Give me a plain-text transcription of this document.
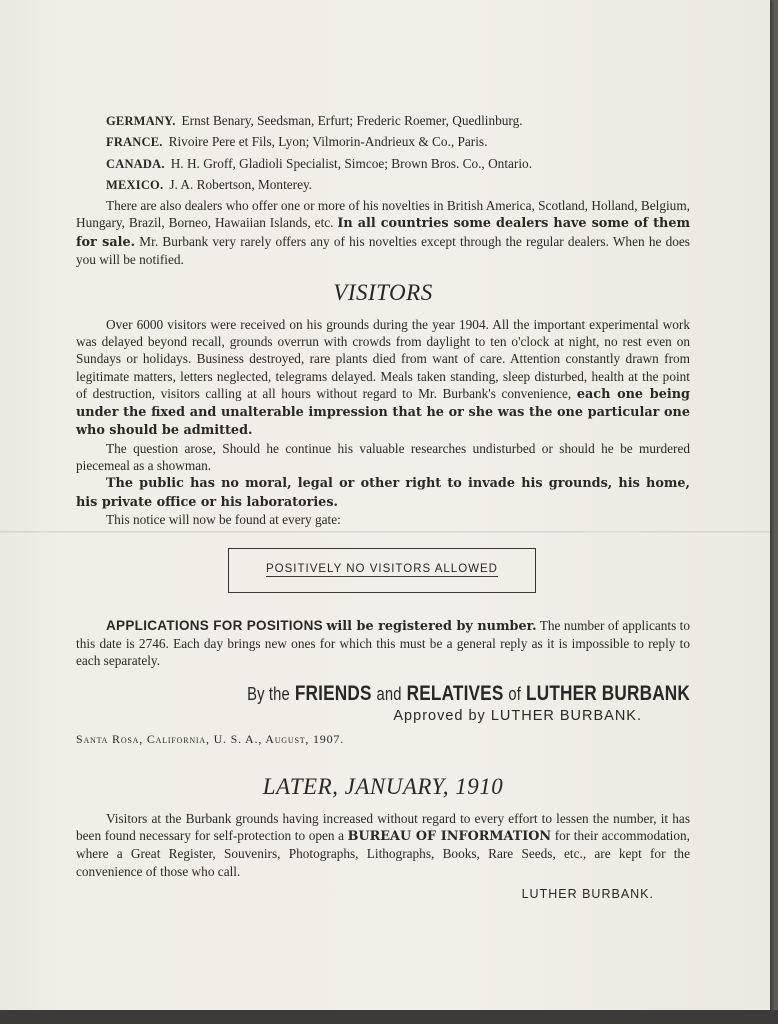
GERMANY. Ernst Benary, Seedsman, Erfurt; Frederic Roemer, Quedlinburg.
FRANCE. Rivoire Pere et Fils, Lyon; Vilmorin-Andrieux & Co., Paris.
CANADA. H. H. Groff, Gladioli Specialist, Simcoe; Brown Bros. Co., Ontario.
MEXICO. J. A. Robertson, Monterey.

There are also dealers who offer one or more of his novelties in British America, Scotland, Holland, Belgium, Hungary, Brazil, Borneo, Hawaiian Islands, etc. In all countries some dealers have some of them for sale. Mr. Burbank very rarely offers any of his novelties except through the regular dealers. When he does you will be notified.

VISITORS

Over 6000 visitors were received on his grounds during the year 1904. All the important experimental work was delayed beyond recall, grounds overrun with crowds from daylight to ten o'clock at night, no rest even on Sundays or holidays. Business destroyed, rare plants died from want of care. Attention constantly drawn from legitimate matters, letters neglected, telegrams delayed. Meals taken standing, sleep disturbed, health at the point of destruction, visitors calling at all hours without regard to Mr. Burbank's convenience, each one being under the fixed and unalterable impression that he or she was the one particular one who should be admitted.

The question arose, Should he continue his valuable researches undisturbed or should he be murdered piecemeal as a showman.

The public has no moral, legal or other right to invade his grounds, his home, his private office or his laboratories.

This notice will now be found at every gate:

POSITIVELY NO VISITORS ALLOWED

APPLICATIONS FOR POSITIONS will be registered by number. The number of applicants to this date is 2746. Each day brings new ones for which this must be a general reply as it is impossible to reply to each separately.

By the FRIENDS and RELATIVES of LUTHER BURBANK
Approved by LUTHER BURBANK.
Santa Rosa, California, U. S. A., August, 1907.
LATER, JANUARY, 1910

Visitors at the Burbank grounds having increased without regard to every effort to lessen the number, it has been found necessary for self-protection to open a BUREAU OF INFORMATION for their accommodation, where a Great Register, Souvenirs, Photographs, Lithographs, Books, Rare Seeds, etc., are kept for the convenience of those who call.

LUTHER BURBANK.
